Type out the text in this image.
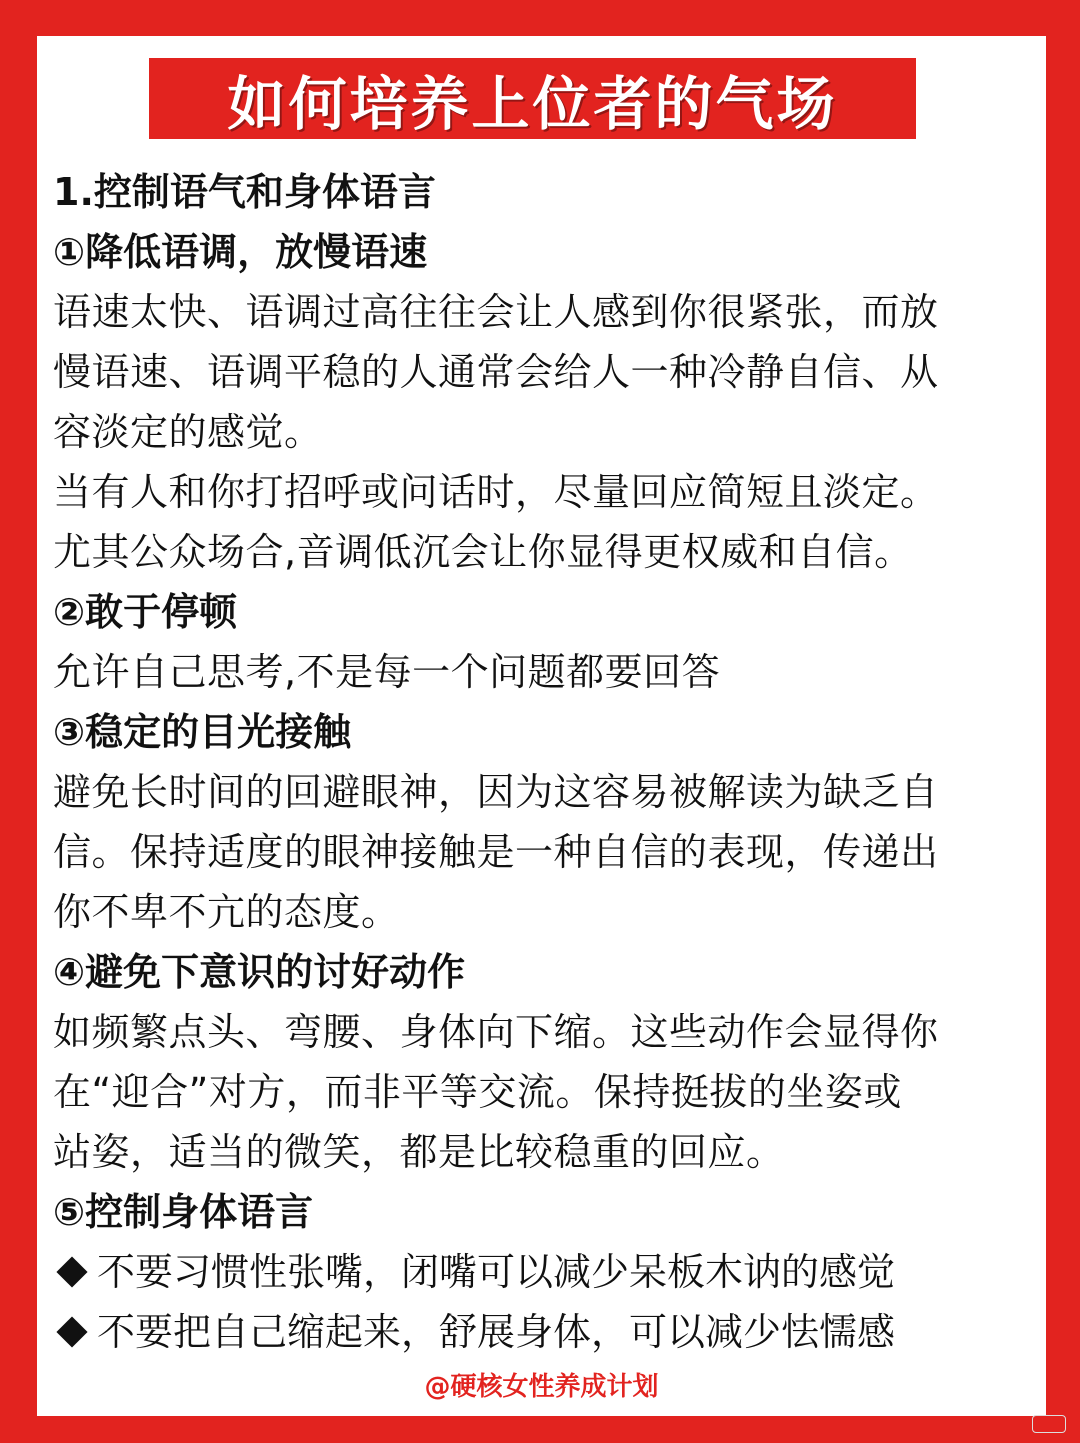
如何培养上位者的气场
1.控制语气和身体语言
①降低语调，放慢语速
语速太快、语调过高往往会让人感到你很紧张，而放
慢语速、语调平稳的人通常会给人一种冷静自信、从
容淡定的感觉。
当有人和你打招呼或问话时，尽量回应简短且淡定。
尤其公众场合,音调低沉会让你显得更权威和自信。
②敢于停顿
允许自己思考,不是每一个问题都要回答
③稳定的目光接触
避免长时间的回避眼神，因为这容易被解读为缺乏自
信。保持适度的眼神接触是一种自信的表现，传递出
你不卑不亢的态度。
④避免下意识的讨好动作
如频繁点头、弯腰、身体向下缩。这些动作会显得你
在“迎合”对方，而非平等交流。保持挺拔的坐姿或
站姿，适当的微笑，都是比较稳重的回应。
⑤控制身体语言
不要习惯性张嘴，闭嘴可以减少呆板木讷的感觉
不要把自己缩起来，舒展身体，可以减少怯懦感
@硬核女性养成计划
